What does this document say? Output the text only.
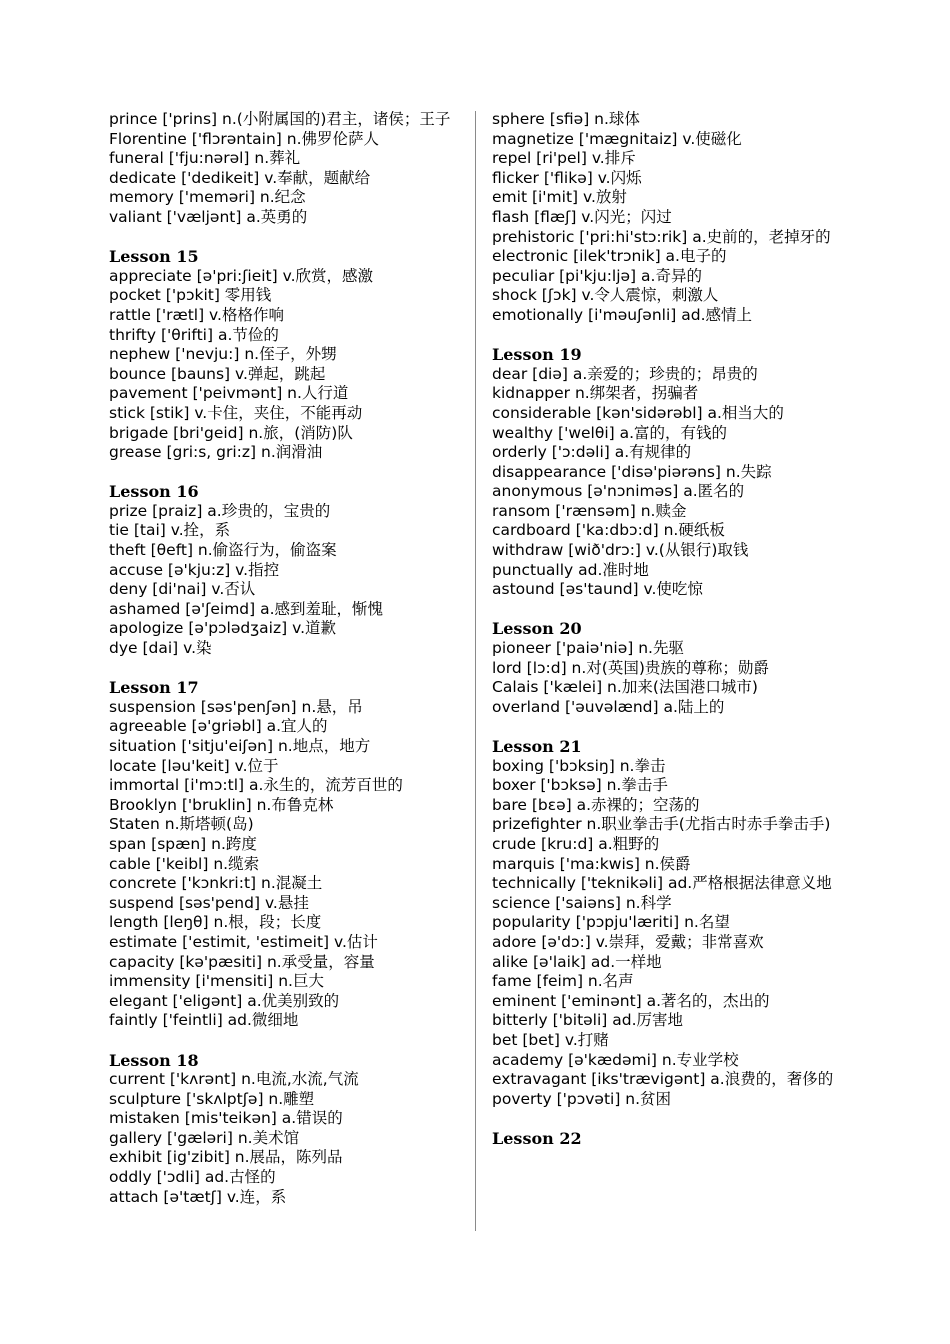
prince ['prins] n.(小附属国的)君主，诸侯；王子
Florentine ['flɔrəntain] n.佛罗伦萨人
funeral ['fju:nərəl] n.葬礼
dedicate ['dedikeit] v.奉献，题献给
memory ['meməri] n.纪念
valiant ['væljənt] a.英勇的
Lesson 15
appreciate [ə'pri:ʃieit] v.欣赏，感激
pocket ['pɔkit] 零用钱
rattle ['rætl] v.格格作响
thrifty ['θrifti] a.节俭的
nephew ['nevju:] n.侄子，外甥
bounce [bauns] v.弹起，跳起
pavement ['peivmənt] n.人行道
stick [stik] v.卡住，夹住，不能再动
brigade [bri'geid] n.旅，(消防)队
grease [gri:s, gri:z] n.润滑油
Lesson 16
prize [praiz] a.珍贵的，宝贵的
tie [tai] v.拴，系
theft [θeft] n.偷盗行为，偷盗案
accuse [ə'kju:z] v.指控
deny [di'nai] v.否认
ashamed [ə'ʃeimd] a.感到羞耻，惭愧
apologize [ə'pɔlədʒaiz] v.道歉
dye [dai] v.染
Lesson 17
suspension [səs'penʃən] n.悬，吊
agreeable [ə'griəbl] a.宜人的
situation ['sitju'eiʃən] n.地点，地方
locate [ləu'keit] v.位于
immortal [i'mɔ:tl] a.永生的，流芳百世的
Brooklyn ['bruklin] n.布鲁克林
Staten n.斯塔顿(岛)
span [spæn] n.跨度
cable ['keibl] n.缆索
concrete ['kɔnkri:t] n.混凝土
suspend [səs'pend] v.悬挂
length [leŋθ] n.根，段；长度
estimate ['estimit, 'estimeit] v.估计
capacity [kə'pæsiti] n.承受量，容量
immensity [i'mensiti] n.巨大
elegant ['eligənt] a.优美别致的
faintly ['feintli] ad.微细地
Lesson 18
current ['kʌrənt] n.电流,水流,气流
sculpture ['skʌlptʃə] n.雕塑
mistaken [mis'teikən] a.错误的
gallery ['gæləri] n.美术馆
exhibit [ig'zibit] n.展品，陈列品
oddly ['ɔdli] ad.古怪的
attach [ə'tætʃ] v.连，系
sphere [sfiə] n.球体
magnetize ['mægnitaiz] v.使磁化
repel [ri'pel] v.排斥
flicker ['flikə] v.闪烁
emit [i'mit] v.放射
flash [flæʃ] v.闪光；闪过
prehistoric ['pri:hi'stɔ:rik] a.史前的，老掉牙的
electronic [ilek'trɔnik] a.电子的
peculiar [pi'kju:ljə] a.奇异的
shock [ʃɔk] v.令人震惊，刺激人
emotionally [i'məuʃənli] ad.感情上
Lesson 19
dear [diə] a.亲爱的；珍贵的；昂贵的
kidnapper n.绑架者，拐骗者
considerable [kən'sidərəbl] a.相当大的
wealthy ['welθi] a.富的，有钱的
orderly ['ɔ:dəli] a.有规律的
disappearance ['disə'piərəns] n.失踪
anonymous [ə'nɔniməs] a.匿名的
ransom ['rænsəm] n.赎金
cardboard ['ka:dbɔ:d] n.硬纸板
withdraw [wið'drɔ:] v.(从银行)取钱
punctually ad.准时地
astound [əs'taund] v.使吃惊
Lesson 20
pioneer ['paiə'niə] n.先驱
lord [lɔ:d] n.对(英国)贵族的尊称；勋爵
Calais ['kælei] n.加来(法国港口城市)
overland ['əuvəlænd] a.陆上的
Lesson 21
boxing ['bɔksiŋ] n.拳击
boxer ['bɔksə] n.拳击手
bare [bεə] a.赤裸的；空荡的
prizefighter n.职业拳击手(尤指古时赤手拳击手)
crude [kru:d] a.粗野的
marquis ['ma:kwis] n.侯爵
technically ['teknikəli] ad.严格根据法律意义地
science ['saiəns] n.科学
popularity ['pɔpju'læriti] n.名望
adore [ə'dɔ:] v.崇拜，爱戴；非常喜欢
alike [ə'laik] ad.一样地
fame [feim] n.名声
eminent ['eminənt] a.著名的，杰出的
bitterly ['bitəli] ad.厉害地
bet [bet] v.打赌
academy [ə'kædəmi] n.专业学校
extravagant [iks'trævigənt] a.浪费的，奢侈的
poverty ['pɔvəti] n.贫困
Lesson 22
